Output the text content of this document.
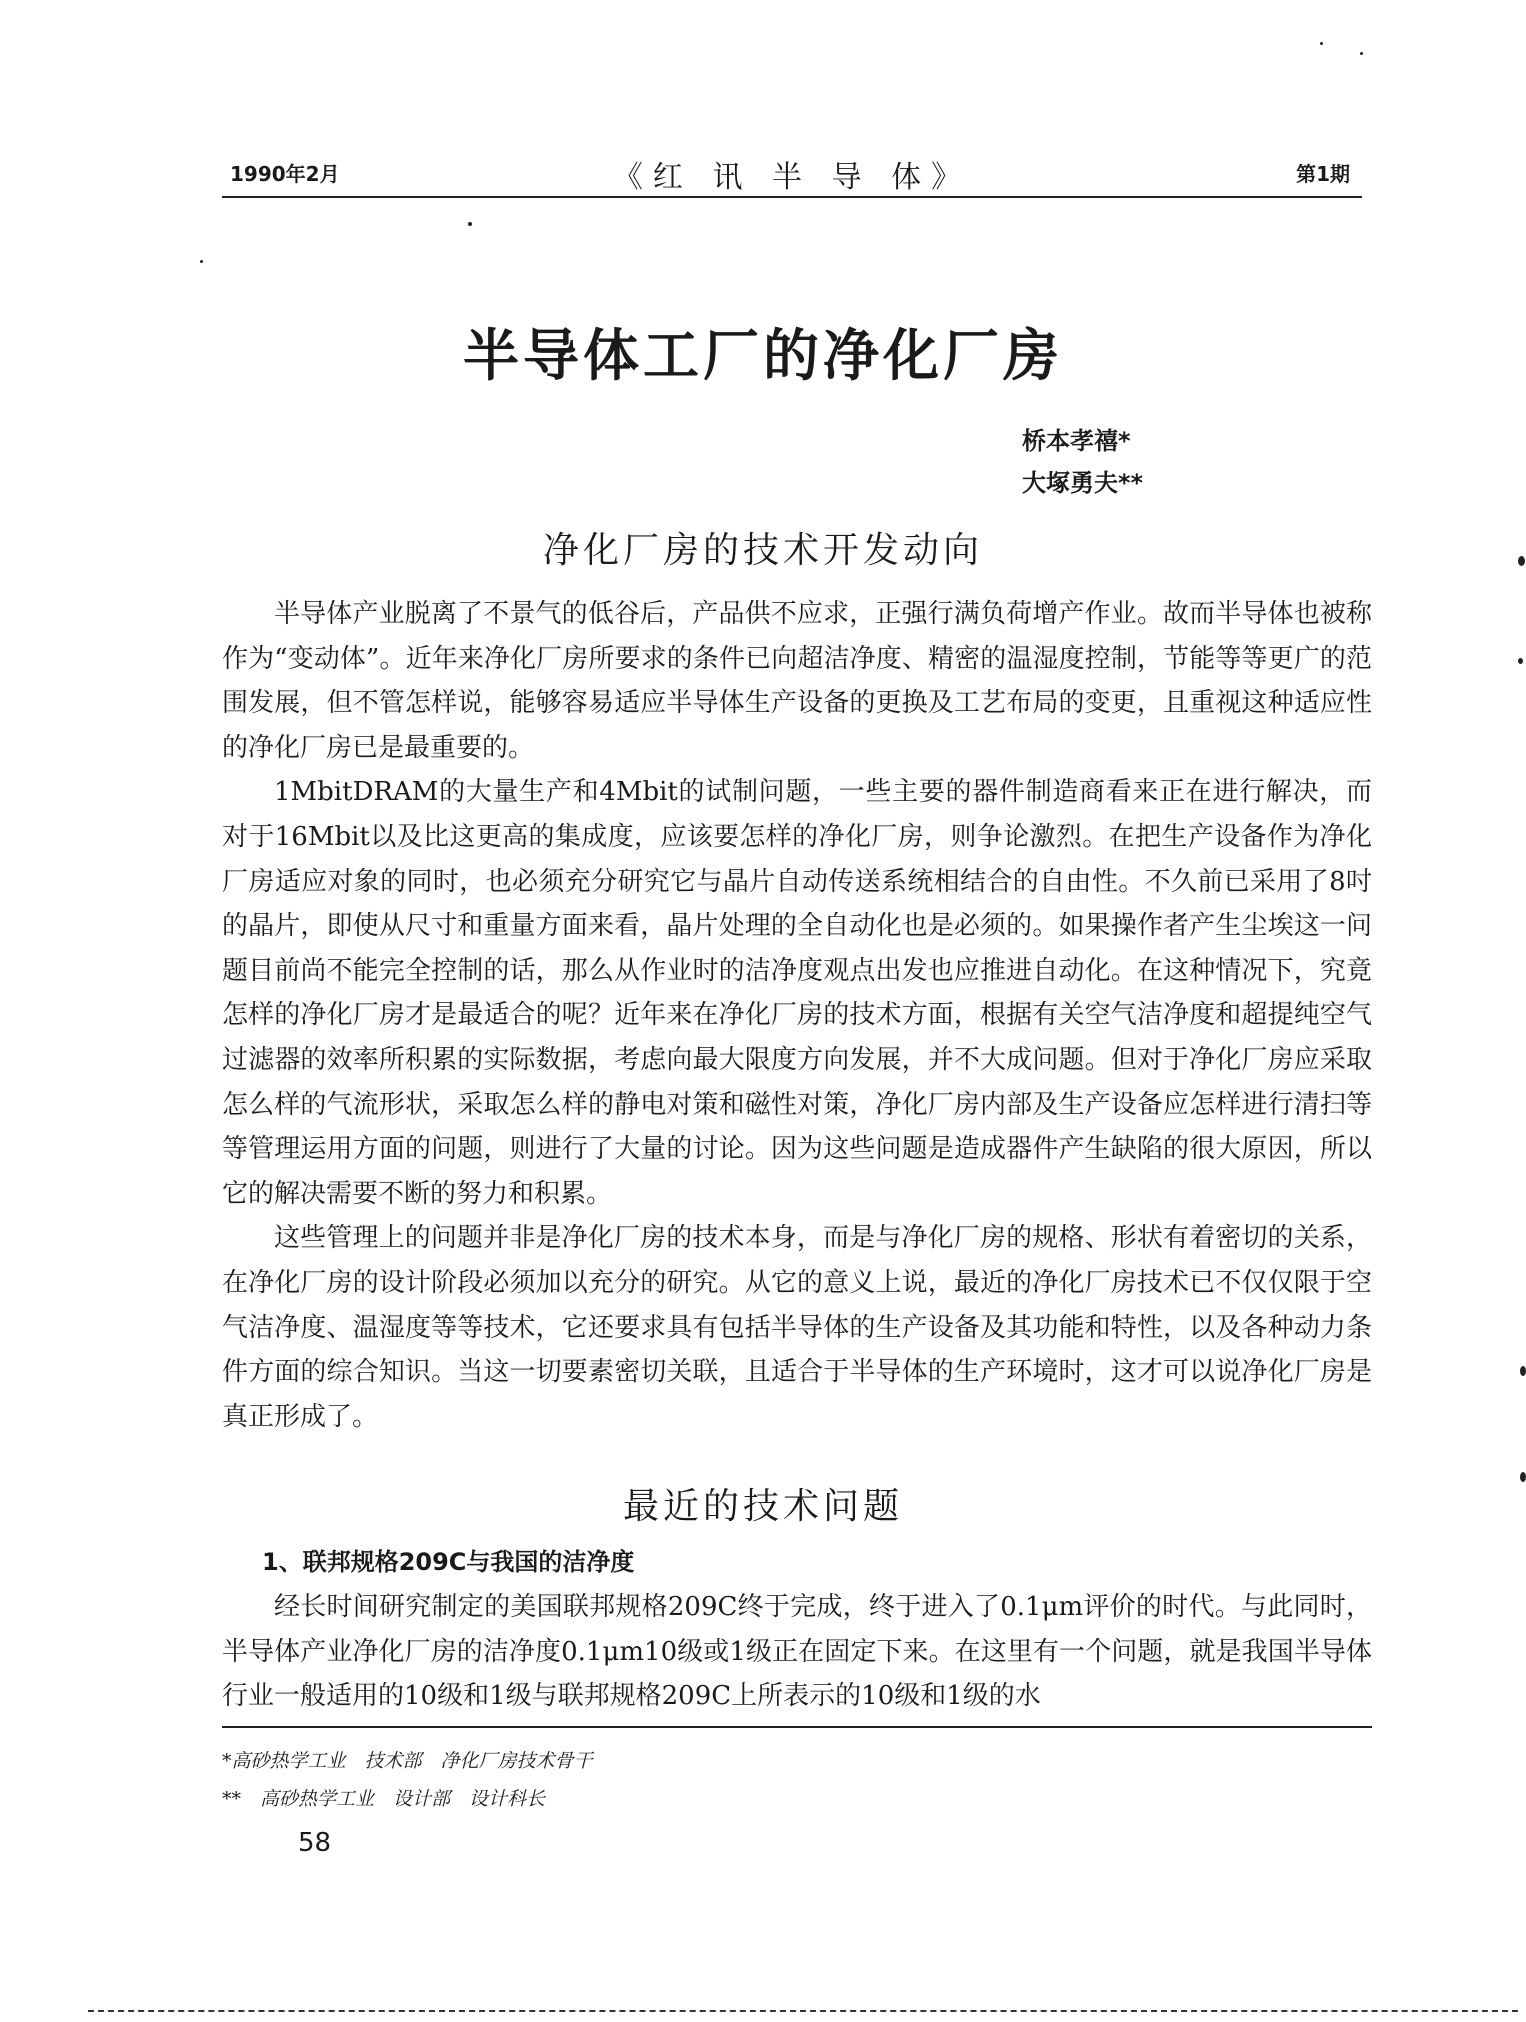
1990年2月	《红 讯 半 导 体》	第1期
半导体工厂的净化厂房
桥本孝禧*
大塚勇夫**
净化厂房的技术开发动向

半导体产业脱离了不景气的低谷后，产品供不应求，正强行满负荷增产作业。故而半导体也被称作为“变动体”。近年来净化厂房所要求的条件已向超洁净度、精密的温湿度控制，节能等等更广的范围发展，但不管怎样说，能够容易适应半导体生产设备的更换及工艺布局的变更，且重视这种适应性的净化厂房已是最重要的。

1MbitDRAM的大量生产和4Mbit的试制问题，一些主要的器件制造商看来正在进行解决，而对于16Mbit以及比这更高的集成度，应该要怎样的净化厂房，则争论激烈。在把生产设备作为净化厂房适应对象的同时，也必须充分研究它与晶片自动传送系统相结合的自由性。不久前已采用了8吋的晶片，即使从尺寸和重量方面来看，晶片处理的全自动化也是必须的。如果操作者产生尘埃这一问题目前尚不能完全控制的话，那么从作业时的洁净度观点出发也应推进自动化。在这种情况下，究竟怎样的净化厂房才是最适合的呢？近年来在净化厂房的技术方面，根据有关空气洁净度和超提纯空气过滤器的效率所积累的实际数据，考虑向最大限度方向发展，并不大成问题。但对于净化厂房应采取怎么样的气流形状，采取怎么样的静电对策和磁性对策，净化厂房内部及生产设备应怎样进行清扫等等管理运用方面的问题，则进行了大量的讨论。因为这些问题是造成器件产生缺陷的很大原因，所以它的解决需要不断的努力和积累。

这些管理上的问题并非是净化厂房的技术本身，而是与净化厂房的规格、形状有着密切的关系，在净化厂房的设计阶段必须加以充分的研究。从它的意义上说，最近的净化厂房技术已不仅仅限于空气洁净度、温湿度等等技术，它还要求具有包括半导体的生产设备及其功能和特性，以及各种动力条件方面的综合知识。当这一切要素密切关联，且适合于半导体的生产环境时，这才可以说净化厂房是真正形成了。

最近的技术问题
1、联邦规格209C与我国的洁净度

经长时间研究制定的美国联邦规格209C终于完成，终于进入了0.1μm评价的时代。与此同时，半导体产业净化厂房的洁净度0.1μm10级或1级正在固定下来。在这里有一个问题，就是我国半导体行业一般适用的10级和1级与联邦规格209C上所表示的10级和1级的水

*高砂热学工业　技术部　净化厂房技术骨干
**　高砂热学工业　设计部　设计科长
58
